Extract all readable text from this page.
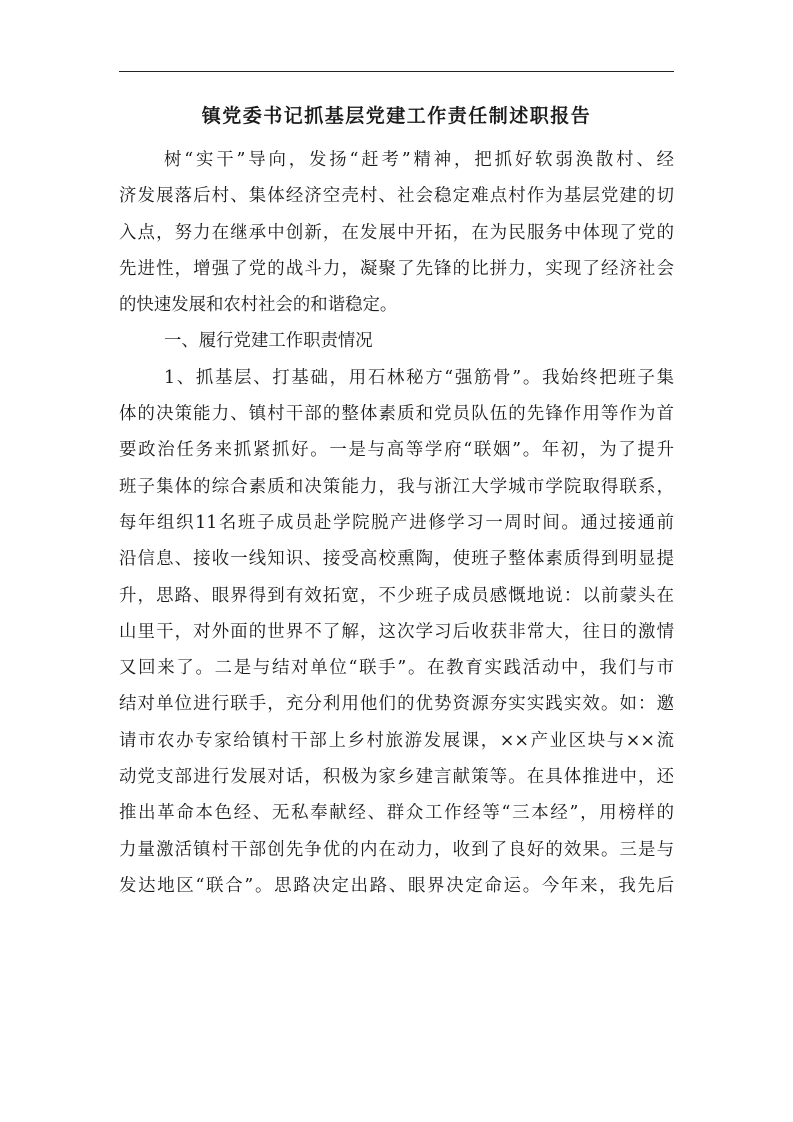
镇党委书记抓基层党建工作责任制述职报告
树“实干”导向，发扬“赶考”精神，把抓好软弱涣散村、经
济发展落后村、集体经济空壳村、社会稳定难点村作为基层党建的切
入点，努力在继承中创新，在发展中开拓，在为民服务中体现了党的
先进性，增强了党的战斗力，凝聚了先锋的比拼力，实现了经济社会
的快速发展和农村社会的和谐稳定。
一、履行党建工作职责情况
1、抓基层、打基础，用石林秘方“强筋骨”。我始终把班子集
体的决策能力、镇村干部的整体素质和党员队伍的先锋作用等作为首
要政治任务来抓紧抓好。一是与高等学府“联姻”。年初，为了提升
班子集体的综合素质和决策能力，我与浙江大学城市学院取得联系，
每年组织11名班子成员赴学院脱产进修学习一周时间。通过接通前
沿信息、接收一线知识、接受高校熏陶，使班子整体素质得到明显提
升，思路、眼界得到有效拓宽，不少班子成员感慨地说：以前蒙头在
山里干，对外面的世界不了解，这次学习后收获非常大，往日的激情
又回来了。二是与结对单位“联手”。在教育实践活动中，我们与市
结对单位进行联手，充分利用他们的优势资源夯实实践实效。如：邀
请市农办专家给镇村干部上乡村旅游发展课，××产业区块与××流
动党支部进行发展对话，积极为家乡建言献策等。在具体推进中，还
推出革命本色经、无私奉献经、群众工作经等“三本经”，用榜样的
力量激活镇村干部创先争优的内在动力，收到了良好的效果。三是与
发达地区“联合”。思路决定出路、眼界决定命运。今年来，我先后
